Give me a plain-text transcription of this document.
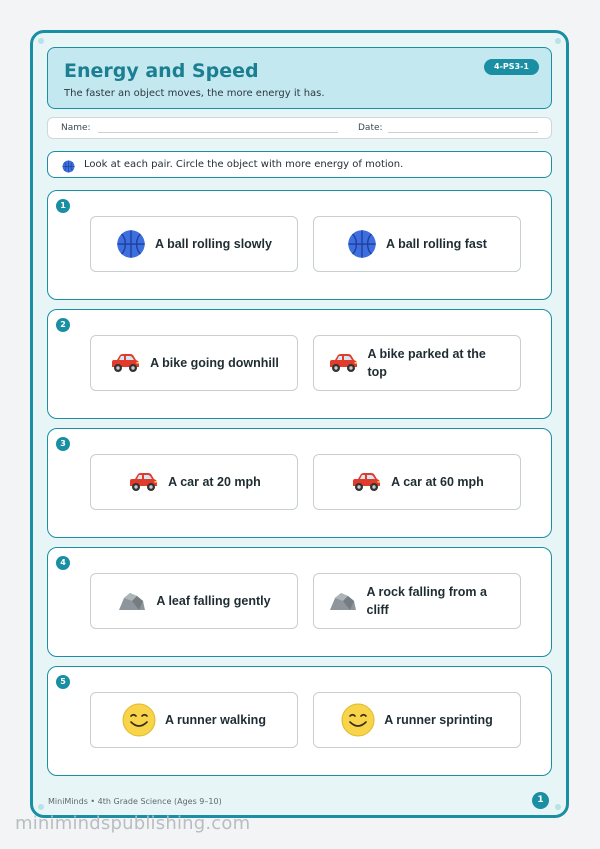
Energy and Speed
The faster an object moves, the more energy it has.
4-PS3-1
Name:	Date:
Look at each pair. Circle the object with more energy of motion.
1
A ball rolling slowly	A ball rolling fast
2
A bike going downhill
A bike parked at the top
3
A car at 20 mph	A car at 60 mph
4
A leaf falling gently
A rock falling from a cliff
5
A runner walking	A runner sprinting
MiniMinds • 4th Grade Science (Ages 9–10)	1
minimindspublishing.com
